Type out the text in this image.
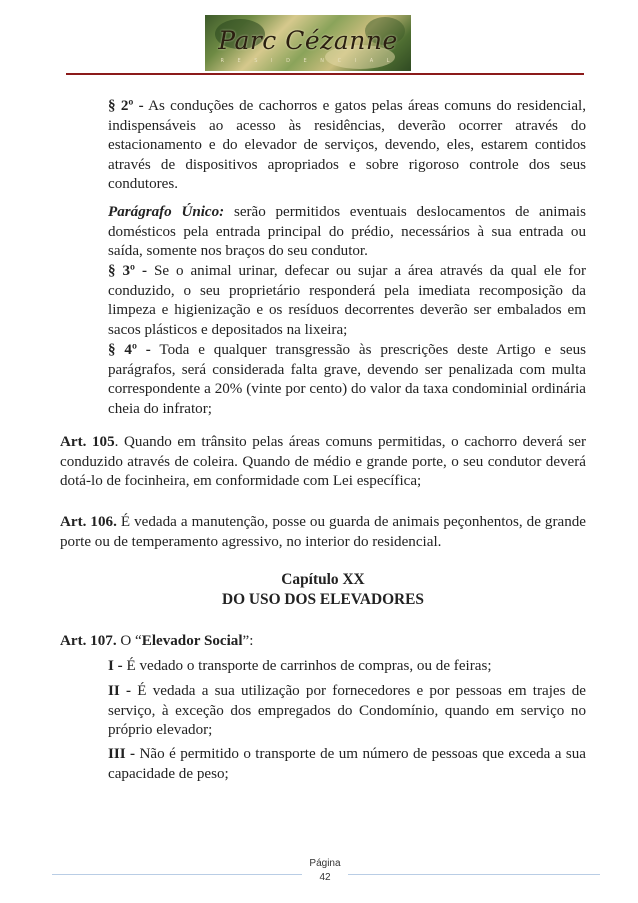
Parc Cézanne
R E S I D E N C I A L
§ 2º - As conduções de cachorros e gatos pelas áreas comuns do residencial, indispensáveis ao acesso às residências, deverão ocorrer através do estacionamento e do elevador de serviços, devendo, eles, estarem contidos através de dispositivos apropriados e sobre rigoroso controle dos seus condutores.
Parágrafo Único: serão permitidos eventuais deslocamentos de animais domésticos pela entrada principal do prédio, necessários à sua entrada ou saída, somente nos braços do seu condutor.
§ 3º - Se o animal urinar, defecar ou sujar a área através da qual ele for conduzido, o seu proprietário responderá pela imediata recomposição da limpeza e higienização e os resíduos decorrentes deverão ser embalados em sacos plásticos e depositados na lixeira;
§ 4º - Toda e qualquer transgressão às prescrições deste Artigo e seus parágrafos, será considerada falta grave, devendo ser penalizada com multa correspondente a 20% (vinte por cento) do valor da taxa condominial ordinária cheia do infrator;
Art. 105. Quando em trânsito pelas áreas comuns permitidas, o cachorro deverá ser conduzido através de coleira. Quando de médio e grande porte, o seu condutor deverá dotá-lo de focinheira, em conformidade com Lei específica;
Art. 106. É vedada a manutenção, posse ou guarda de animais peçonhentos, de grande porte ou de temperamento agressivo, no interior do residencial.
Capítulo XX
DO USO DOS ELEVADORES
Art. 107. O “Elevador Social”:
I - É vedado o transporte de carrinhos de compras, ou de feiras;
II - É vedada a sua utilização por fornecedores e por pessoas em trajes de serviço, à exceção dos empregados do Condomínio, quando em serviço no próprio elevador;
III - Não é permitido o transporte de um número de pessoas que exceda a sua capacidade de peso;
Página
42
